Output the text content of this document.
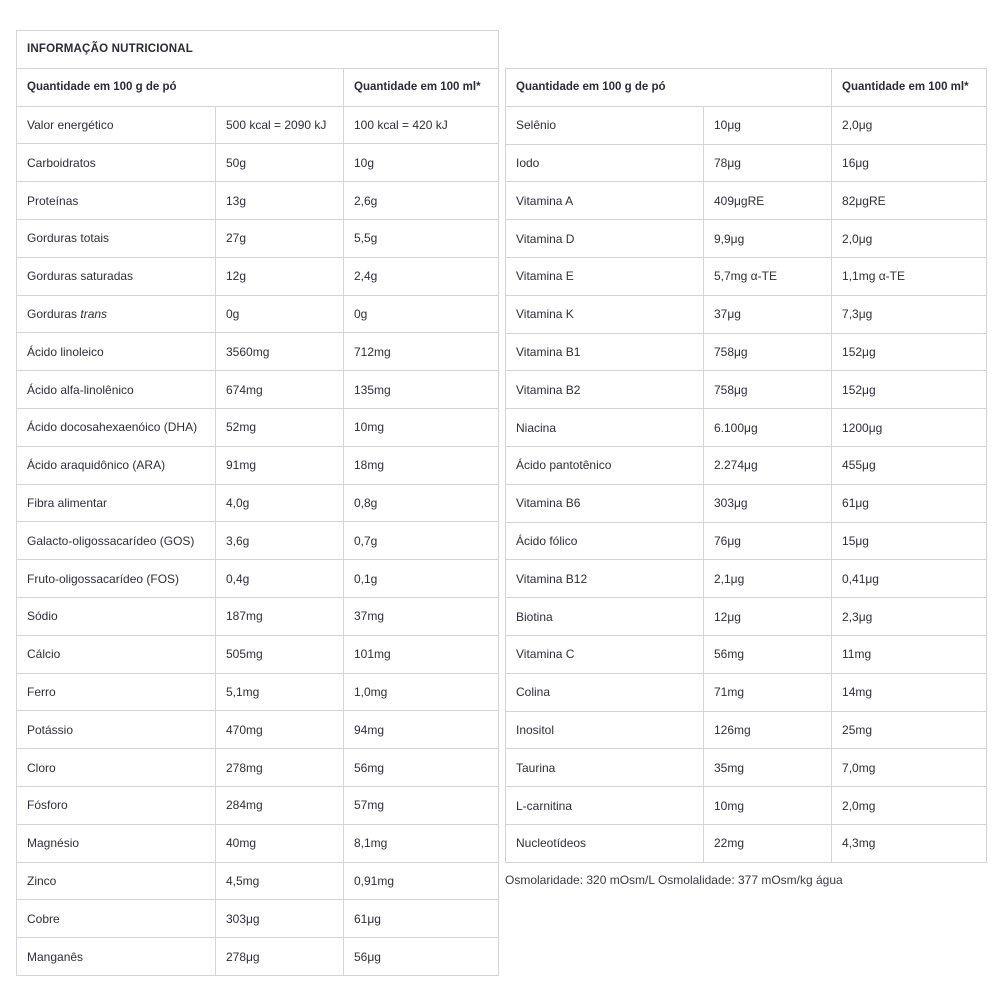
INFORMAÇÃO NUTRICIONAL		
Quantidade em 100 g de pó		Quantidade em 100 ml*
Valor energético	500 kcal = 2090 kJ	100 kcal = 420 kJ
Carboidratos	50g	10g
Proteínas	13g	2,6g
Gorduras totais	27g	5,5g
Gorduras saturadas	12g	2,4g
Gorduras trans	0g	0g
Ácido linoleico	3560mg	712mg
Ácido alfa-linolênico	674mg	135mg
Ácido docosahexaenóico (DHA)	52mg	10mg
Ácido araquidônico (ARA)	91mg	18mg
Fibra alimentar	4,0g	0,8g
Galacto-oligossacarídeo (GOS)	3,6g	0,7g
Fruto-oligossacarídeo (FOS)	0,4g	0,1g
Sódio	187mg	37mg
Cálcio	505mg	101mg
Ferro	5,1mg	1,0mg
Potássio	470mg	94mg
Cloro	278mg	56mg
Fósforo	284mg	57mg
Magnésio	40mg	8,1mg
Zinco	4,5mg	0,91mg
Cobre	303μg	61μg
Manganês	278μg	56μg
Quantidade em 100 g de pó		Quantidade em 100 ml*
Selênio	10μg	2,0μg
Iodo	78μg	16μg
Vitamina A	409μgRE	82μgRE
Vitamina D	9,9μg	2,0μg
Vitamina E	5,7mg α-TE	1,1mg α-TE
Vitamina K	37μg	7,3μg
Vitamina B1	758μg	152μg
Vitamina B2	758μg	152μg
Niacina	6.100μg	1200μg
Ácido pantotênico	2.274μg	455μg
Vitamina B6	303μg	61μg
Ácido fólico	76μg	15μg
Vitamina B12	2,1μg	0,41μg
Biotina	12μg	2,3μg
Vitamina C	56mg	11mg
Colina	71mg	14mg
Inositol	126mg	25mg
Taurina	35mg	7,0mg
L-carnitina	10mg	2,0mg
Nucleotídeos	22mg	4,3mg
Osmolaridade: 320 mOsm/L Osmolalidade: 377 mOsm/kg água
